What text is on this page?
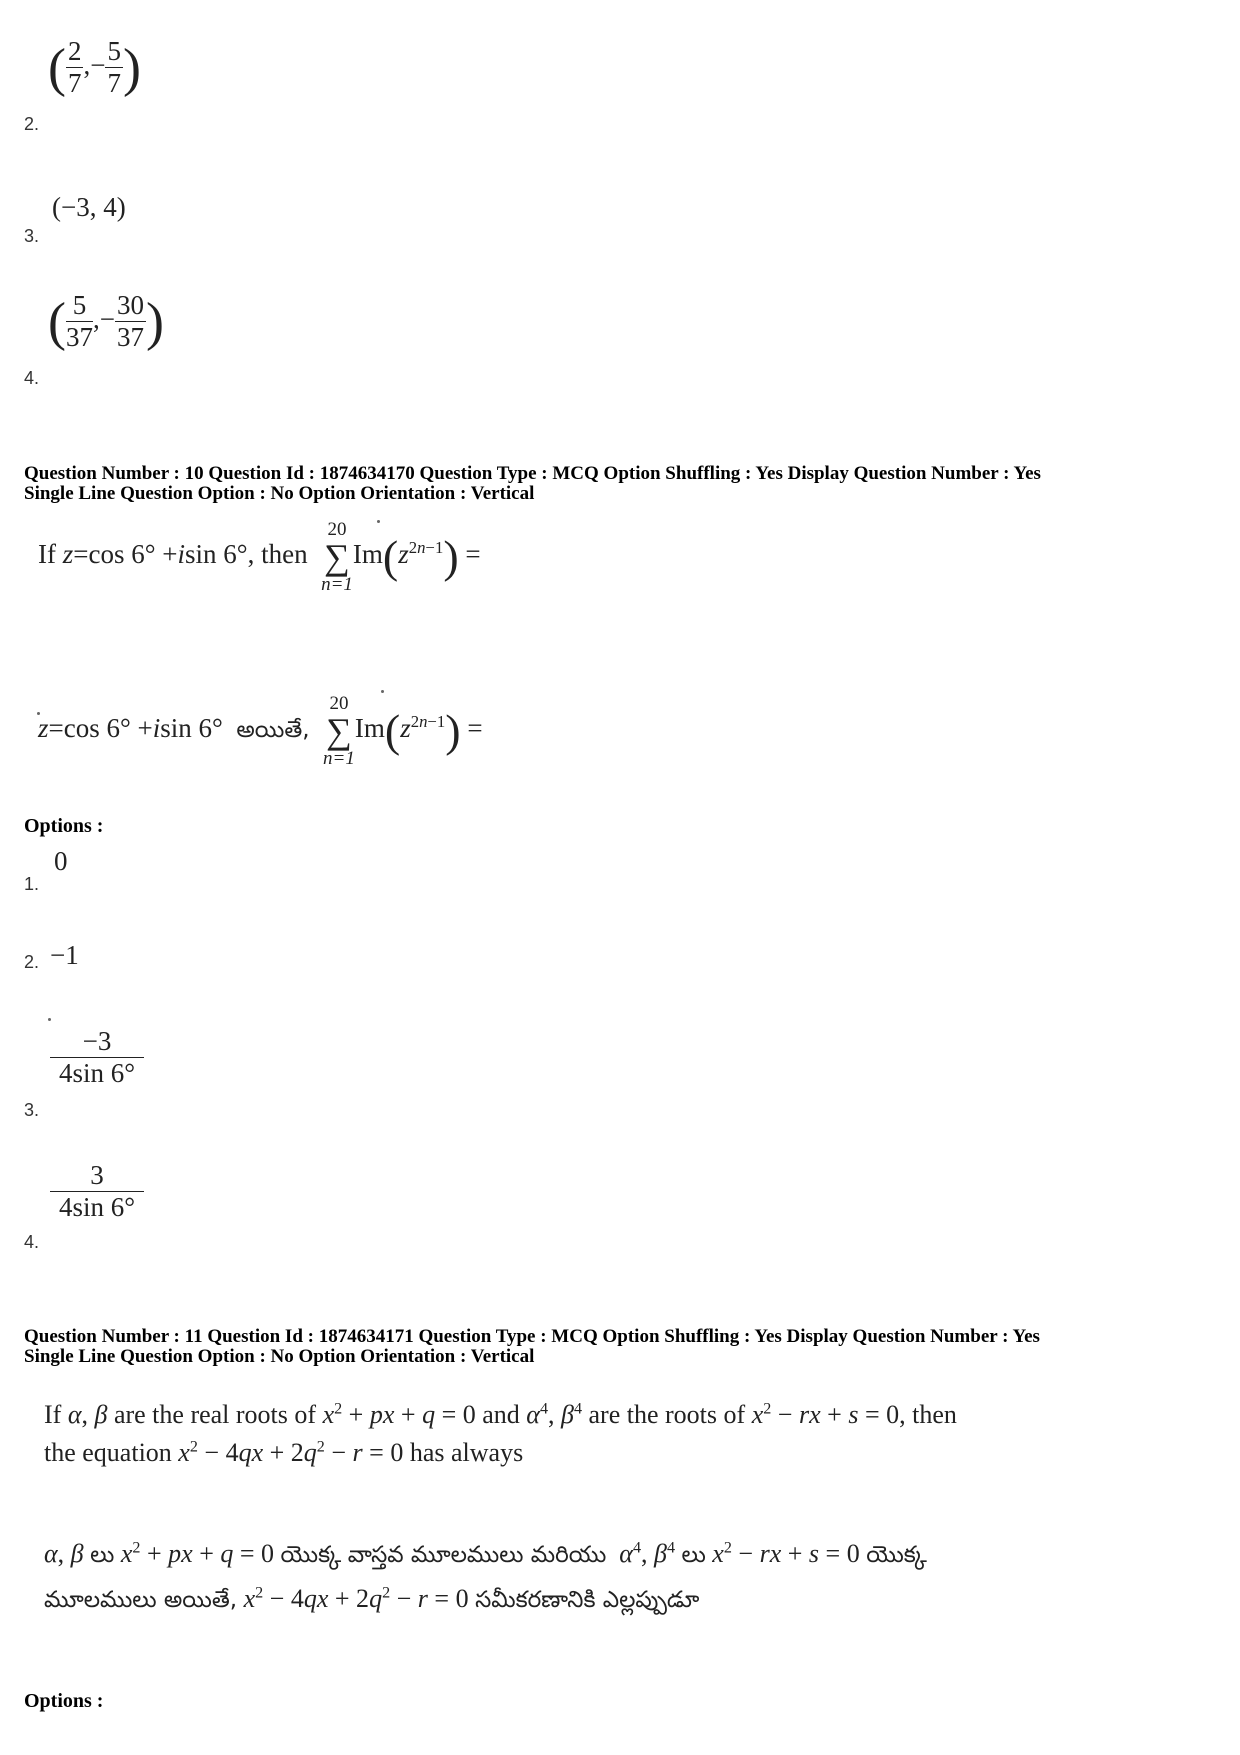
2.
( $\frac{2}{7}$ ,− $\frac{5}{7}$ )
3.
(−3, 4)
4.
( $\frac{5}{37}$ ,− $\frac{30}{37}$ )
Question Number : 10 Question Id : 1874634170 Question Type : MCQ Option Shuffling : Yes Display Question Number : Yes
Single Line Question Option : No Option Orientation : Vertical
If z=cos 6° +isin 6°, then
20
∑
n=1
$Im(z^{2n-1})$ =
z=cos 6° +isin 6°  అయితే,
20
∑
n=1
$Im(z^{2n-1})$ =
Options :
1.
0
2. −1
3.
$\frac{-3}{4\sin 6^\circ}$
4.
$\frac{3}{4\sin 6^\circ}$
Question Number : 11 Question Id : 1874634171 Question Type : MCQ Option Shuffling : Yes Display Question Number : Yes
Single Line Question Option : No Option Orientation : Vertical
If α, β are the real roots of $x^2$ + px + q = 0 and $\alpha^4$, $\beta^4$ are the roots of $x^2$ − rx + s = 0, then
the equation $x^2 - 4qx + 2q^2 - r = 0$ has always
α, β లు $x^2$ + px + q = 0 యొక్క వాస్తవ మూలములు మరియు $\alpha^4$, $\beta^4$ లు $x^2$ − rx + s = 0 యొక్క
మూలములు అయితే, $x^2 - 4qx + 2q^2 - r = 0$ సమీకరణానికి ఎల్లప్పుడూ
Options :
